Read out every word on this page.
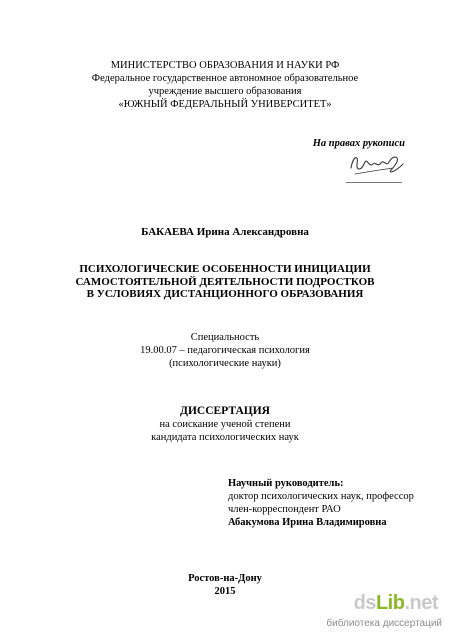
МИНИСТЕРСТВО ОБРАЗОВАНИЯ И НАУКИ РФ
Федеральное государственное автономное образовательное
учреждение высшего образования
«ЮЖНЫЙ ФЕДЕРАЛЬНЫЙ УНИВЕРСИТЕТ»
На правах рукописи
БАКАЕВА Ирина Александровна
ПСИХОЛОГИЧЕСКИЕ ОСОБЕННОСТИ ИНИЦИАЦИИ
САМОСТОЯТЕЛЬНОЙ ДЕЯТЕЛЬНОСТИ ПОДРОСТКОВ
В УСЛОВИЯХ ДИСТАНЦИОННОГО ОБРАЗОВАНИЯ
Специальность
19.00.07 – педагогическая психология
(психологические науки)
ДИССЕРТАЦИЯ
на соискание ученой степени
кандидата психологических наук
Научный руководитель:
доктор психологических наук, профессор
член-корреспондент РАО
Абакумова Ирина Владимировна
Ростов-на-Дону
2015
dsLib.net
библиотека диссертаций
